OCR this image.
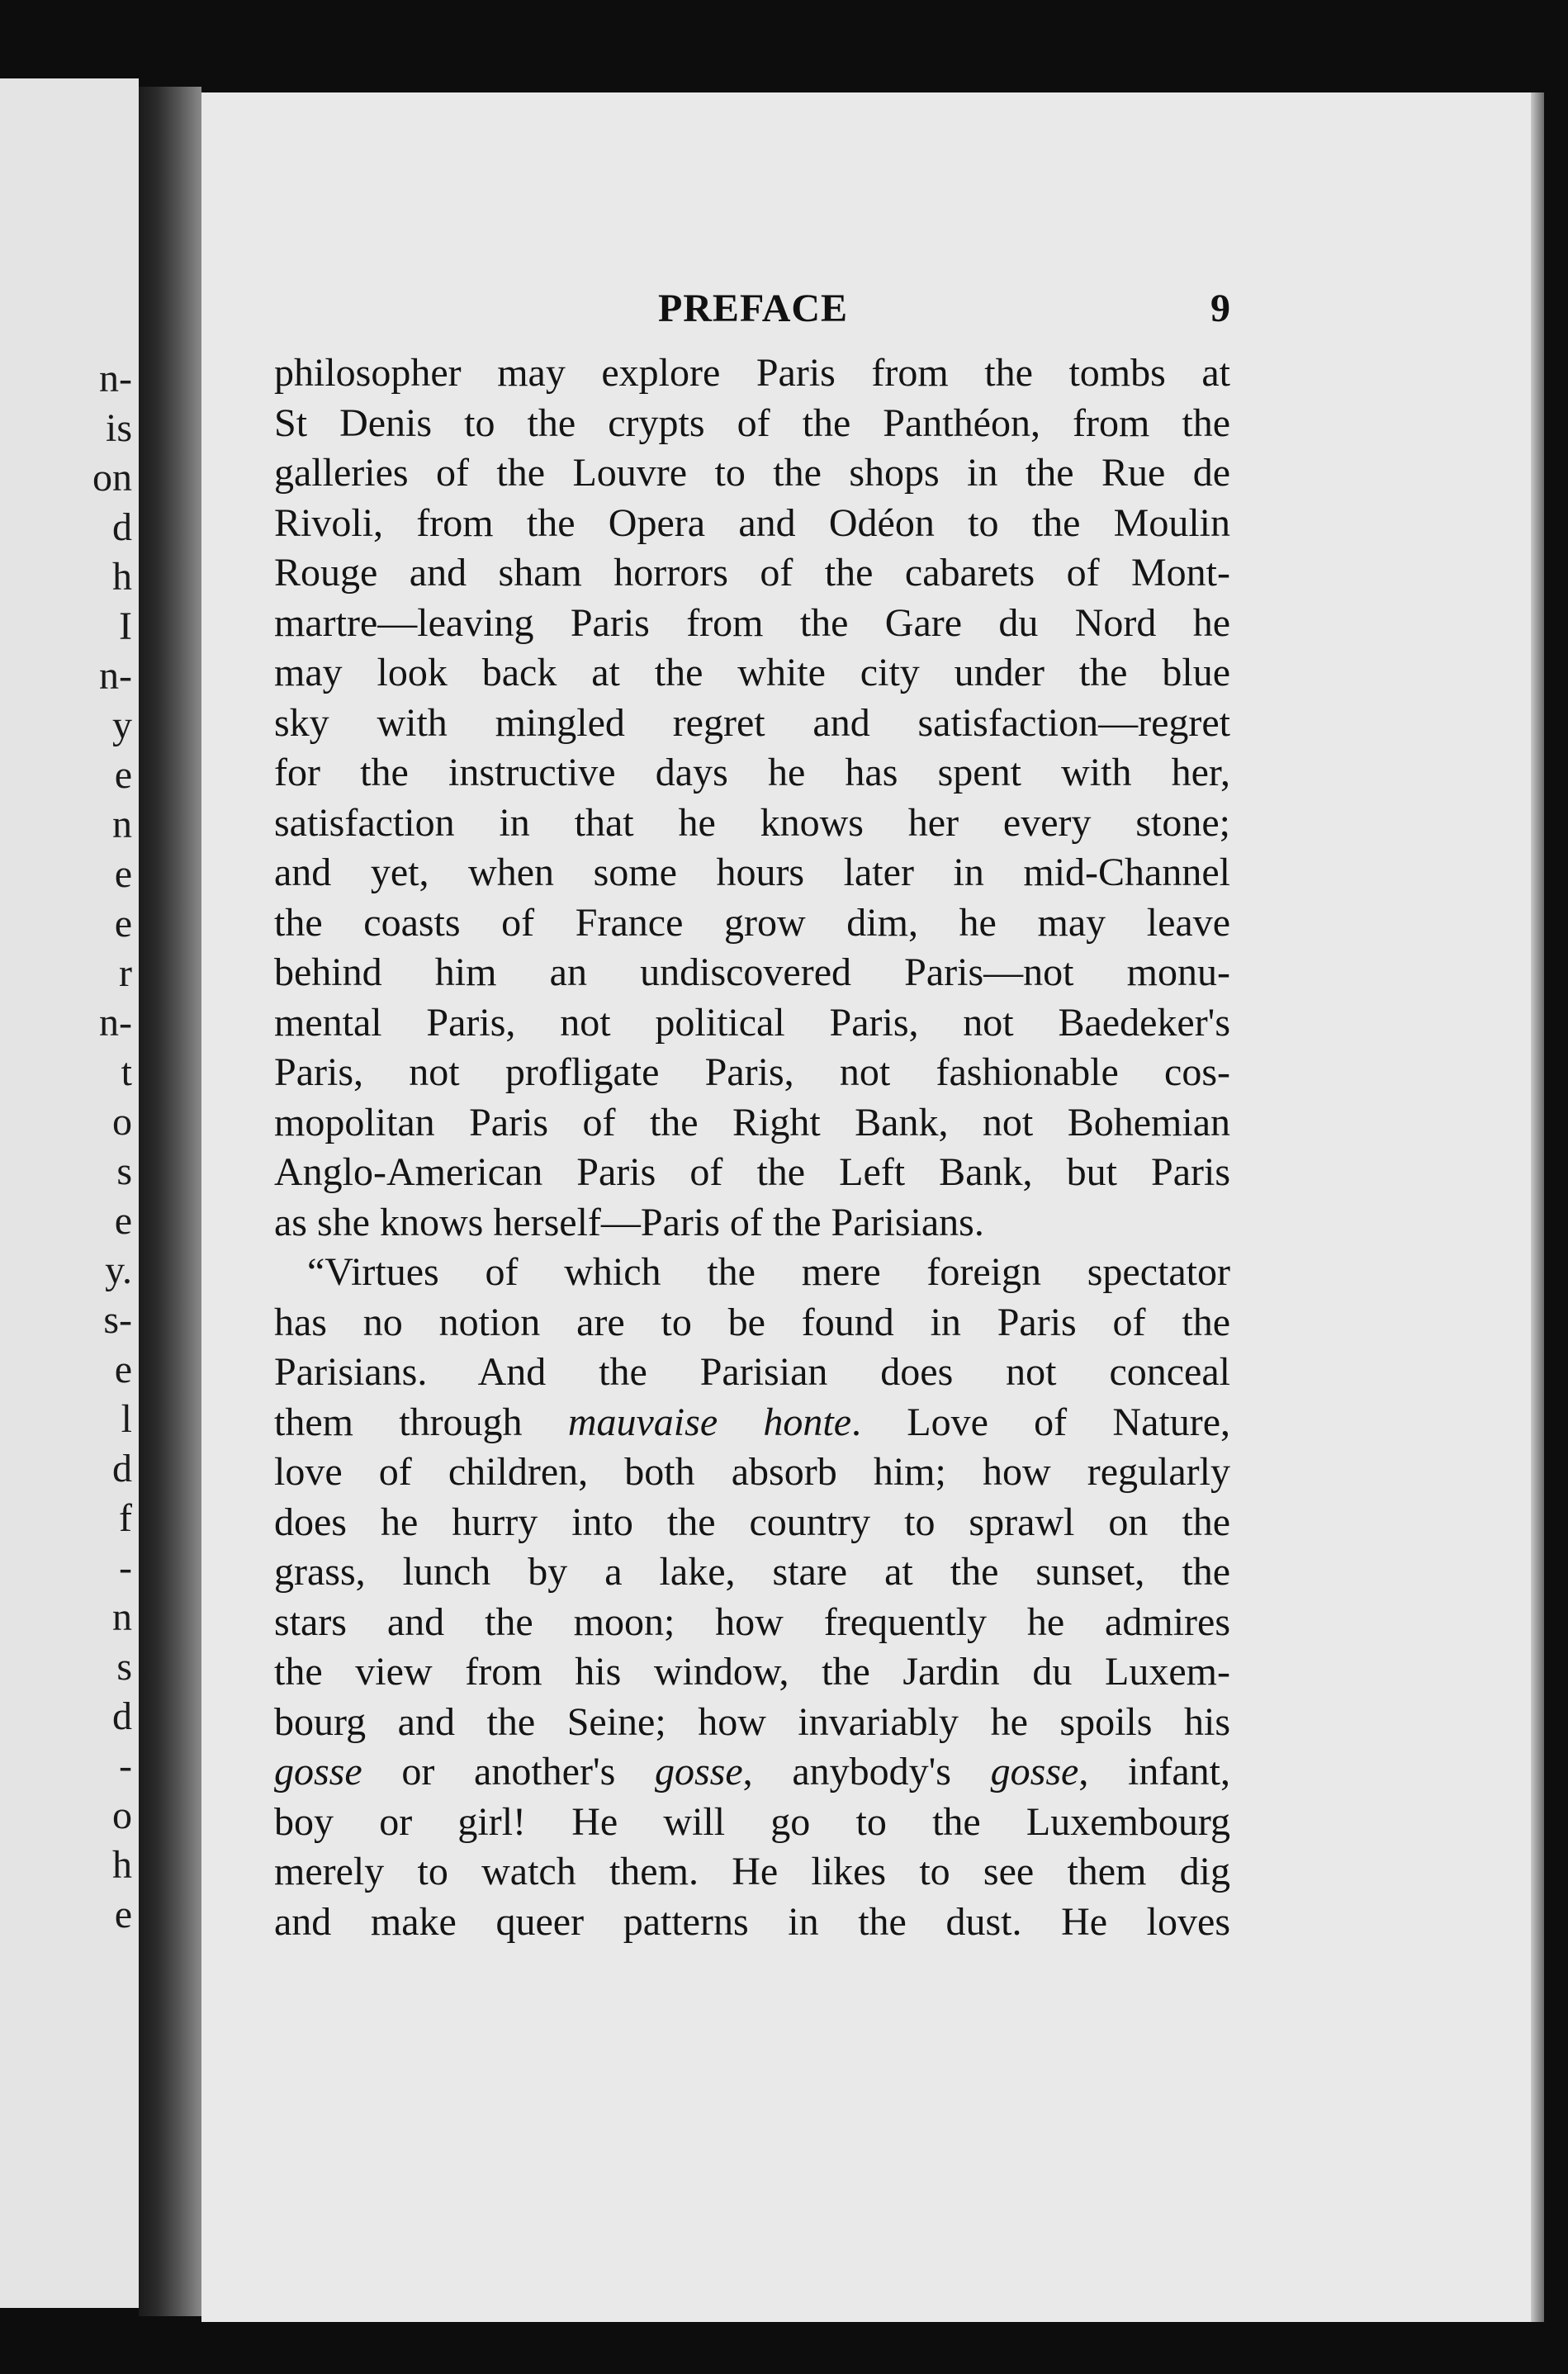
n-
is
on
d
h
I
n-
y
e
n
e
e
r
n-
t
o
s
e
y.
s-
e
l
d
f
-
n
s
d
-
o
h
e
PREFACE	9
philosopher may explore Paris from the tombs at
St Denis to the crypts of the Panthéon, from the
galleries of the Louvre to the shops in the Rue de
Rivoli, from the Opera and Odéon to the Moulin
Rouge and sham horrors of the cabarets of Mont-
martre—leaving Paris from the Gare du Nord he
may look back at the white city under the blue
sky with mingled regret and satisfaction—regret
for the instructive days he has spent with her,
satisfaction in that he knows her every stone;
and yet, when some hours later in mid-Channel
the coasts of France grow dim, he may leave
behind him an undiscovered Paris—not monu-
mental Paris, not political Paris, not Baedeker's
Paris, not profligate Paris, not fashionable cos-
mopolitan Paris of the Right Bank, not Bohemian
Anglo-American Paris of the Left Bank, but Paris
as she knows herself—Paris of the Parisians.
“Virtues of which the mere foreign spectator
has no notion are to be found in Paris of the
Parisians. And the Parisian does not conceal
them through mauvaise honte. Love of Nature,
love of children, both absorb him; how regularly
does he hurry into the country to sprawl on the
grass, lunch by a lake, stare at the sunset, the
stars and the moon; how frequently he admires
the view from his window, the Jardin du Luxem-
bourg and the Seine; how invariably he spoils his
gosse or another's gosse, anybody's gosse, infant,
boy or girl! He will go to the Luxembourg
merely to watch them. He likes to see them dig
and make queer patterns in the dust. He loves
